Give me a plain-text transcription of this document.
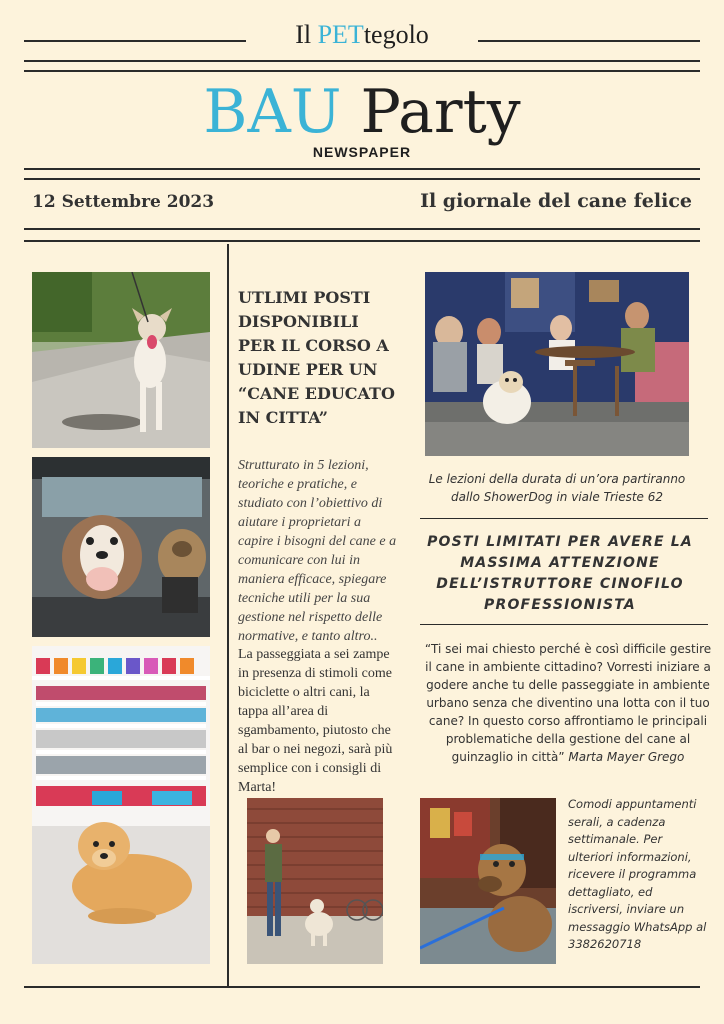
Il PETtegolo
BAU Party
NEWSPAPER
12 Settembre 2023	Il giornale del cane felice
UTLIMI POSTI DISPONIBILI PER IL CORSO A UDINE PER UN “CANE EDUCATO IN CITTA”
Strutturato in 5 lezioni, teoriche e pratiche, e studiato con l’obiettivo di aiutare i proprietari a capire i bisogni del cane e a comunicare con lui in maniera efficace, spiegare tecniche utili per la sua gestione nel rispetto delle normative, e tanto altro..
La passeggiata a sei zampe in presenza di stimoli come biciclette o altri cani, la tappa all’area di sgambamento, piutosto che al bar o nei negozi, sarà più semplice con i consigli di Marta!
Le lezioni della durata di un’ora partiranno dallo ShowerDog in viale Trieste 62
POSTI LIMITATI PER AVERE LA MASSIMA ATTENZIONE DELL’ISTRUTTORE CINOFILO PROFESSIONISTA
“Ti sei mai chiesto perché è così difficile gestire il cane in ambiente cittadino? Vorresti iniziare a godere anche tu delle passeggiate in ambiente urbano senza che diventino una lotta con il tuo cane? In questo corso affrontiamo le principali problematiche della gestione del cane al guinzaglio in città” Marta Mayer Grego
Comodi appuntamenti serali, a cadenza settimanale. Per ulteriori informazioni, ricevere il programma dettagliato, ed iscriversi, inviare un messaggio WhatsApp al 3382620718
